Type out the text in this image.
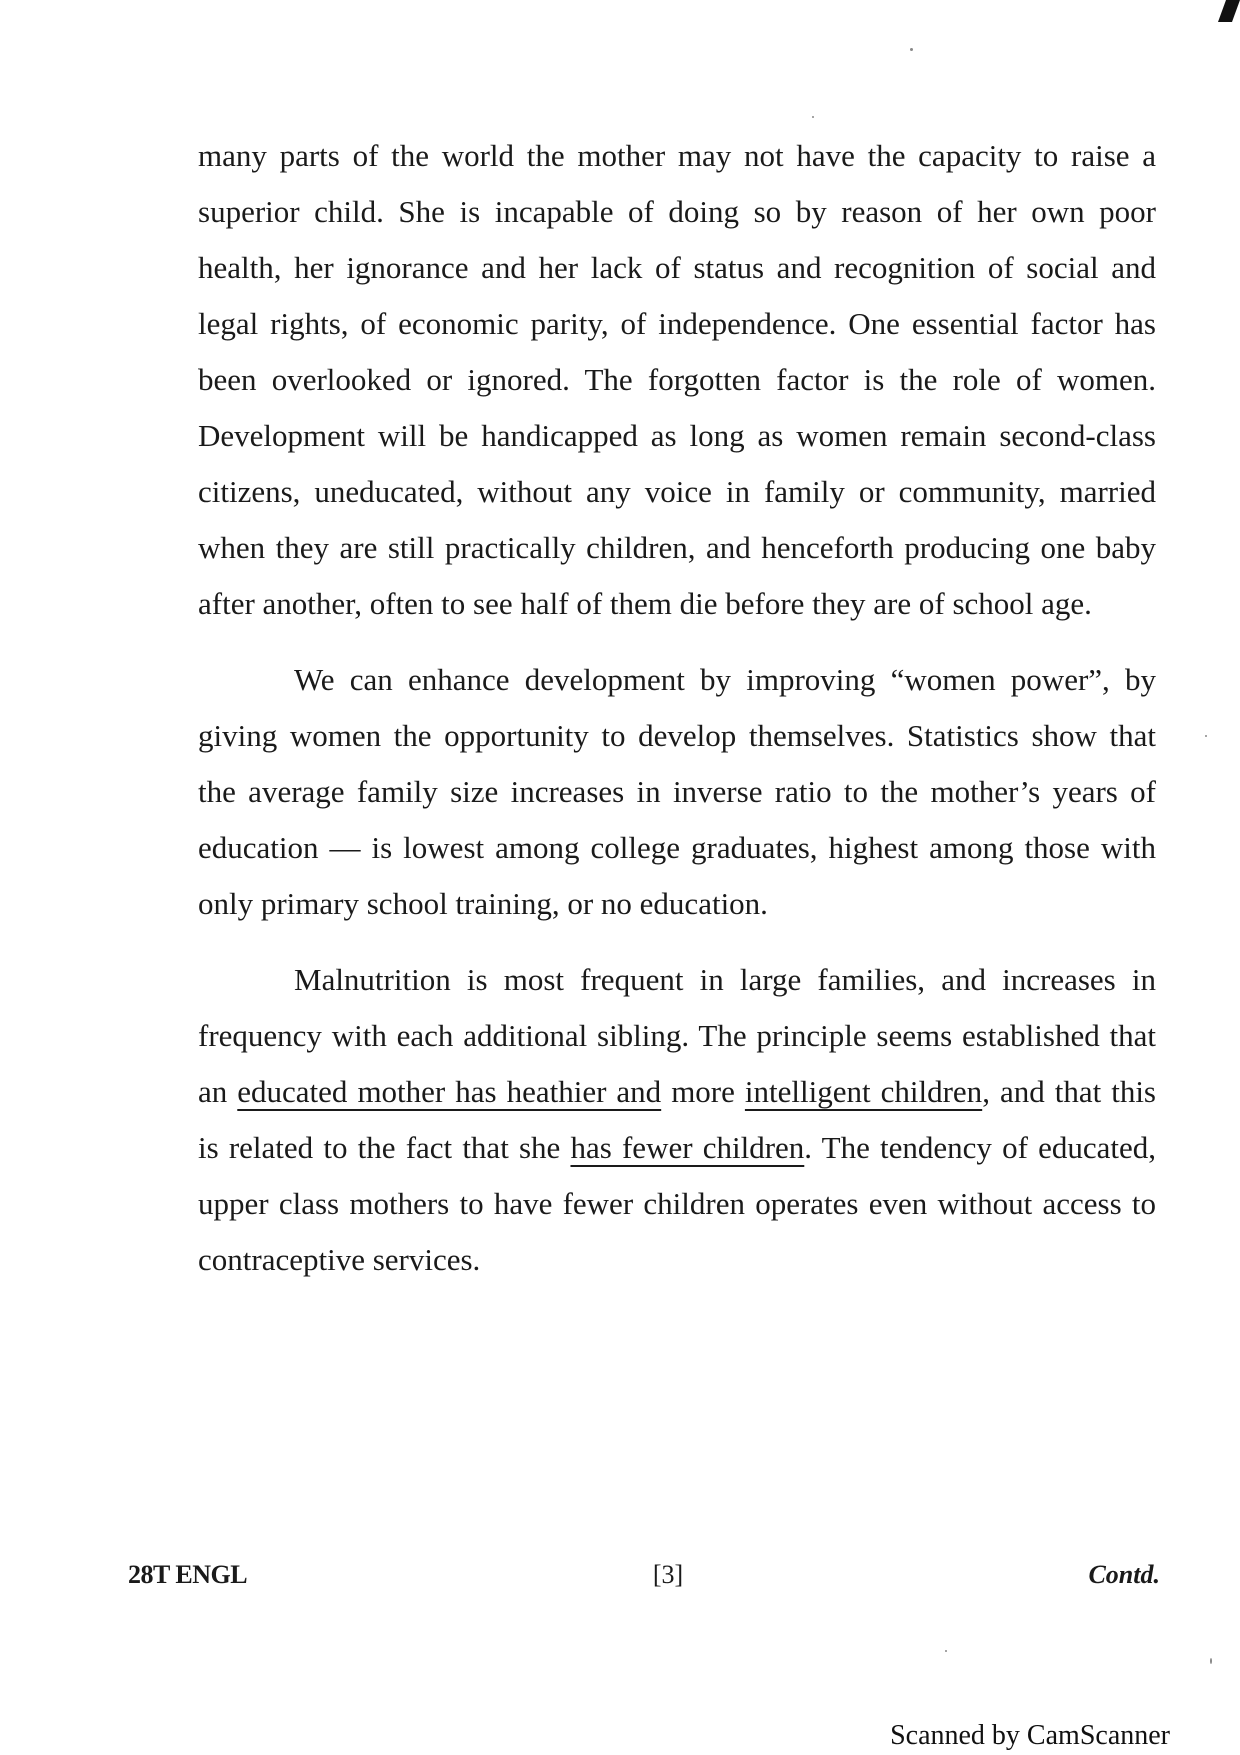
many parts of the world the mother may not have the capacity to raise a superior child. She is incapable of doing so by reason of her own poor health, her ignorance and her lack of status and recognition of social and legal rights, of economic parity, of independence. One essential factor has been overlooked or ignored. The forgotten factor is the role of women. Development will be handicapped as long as women remain second-class citizens, uneducated, without any voice in family or community, married when they are still practically children, and henceforth producing one baby after another, often to see half of them die before they are of school age.

We can enhance development by improving “women power”, by giving women the opportunity to develop themselves. Statistics show that the average family size increases in inverse ratio to the mother’s years of education — is lowest among college graduates, highest among those with only primary school training, or no education.

Malnutrition is most frequent in large families, and increases in frequency with each additional sibling. The principle seems established that an educated mother has heathier and more intelligent children, and that this is related to the fact that she has fewer children. The tendency of educated, upper class mothers to have fewer children operates even without access to contraceptive services.

28T ENGL	[3]	Contd.
Scanned by CamScanner
